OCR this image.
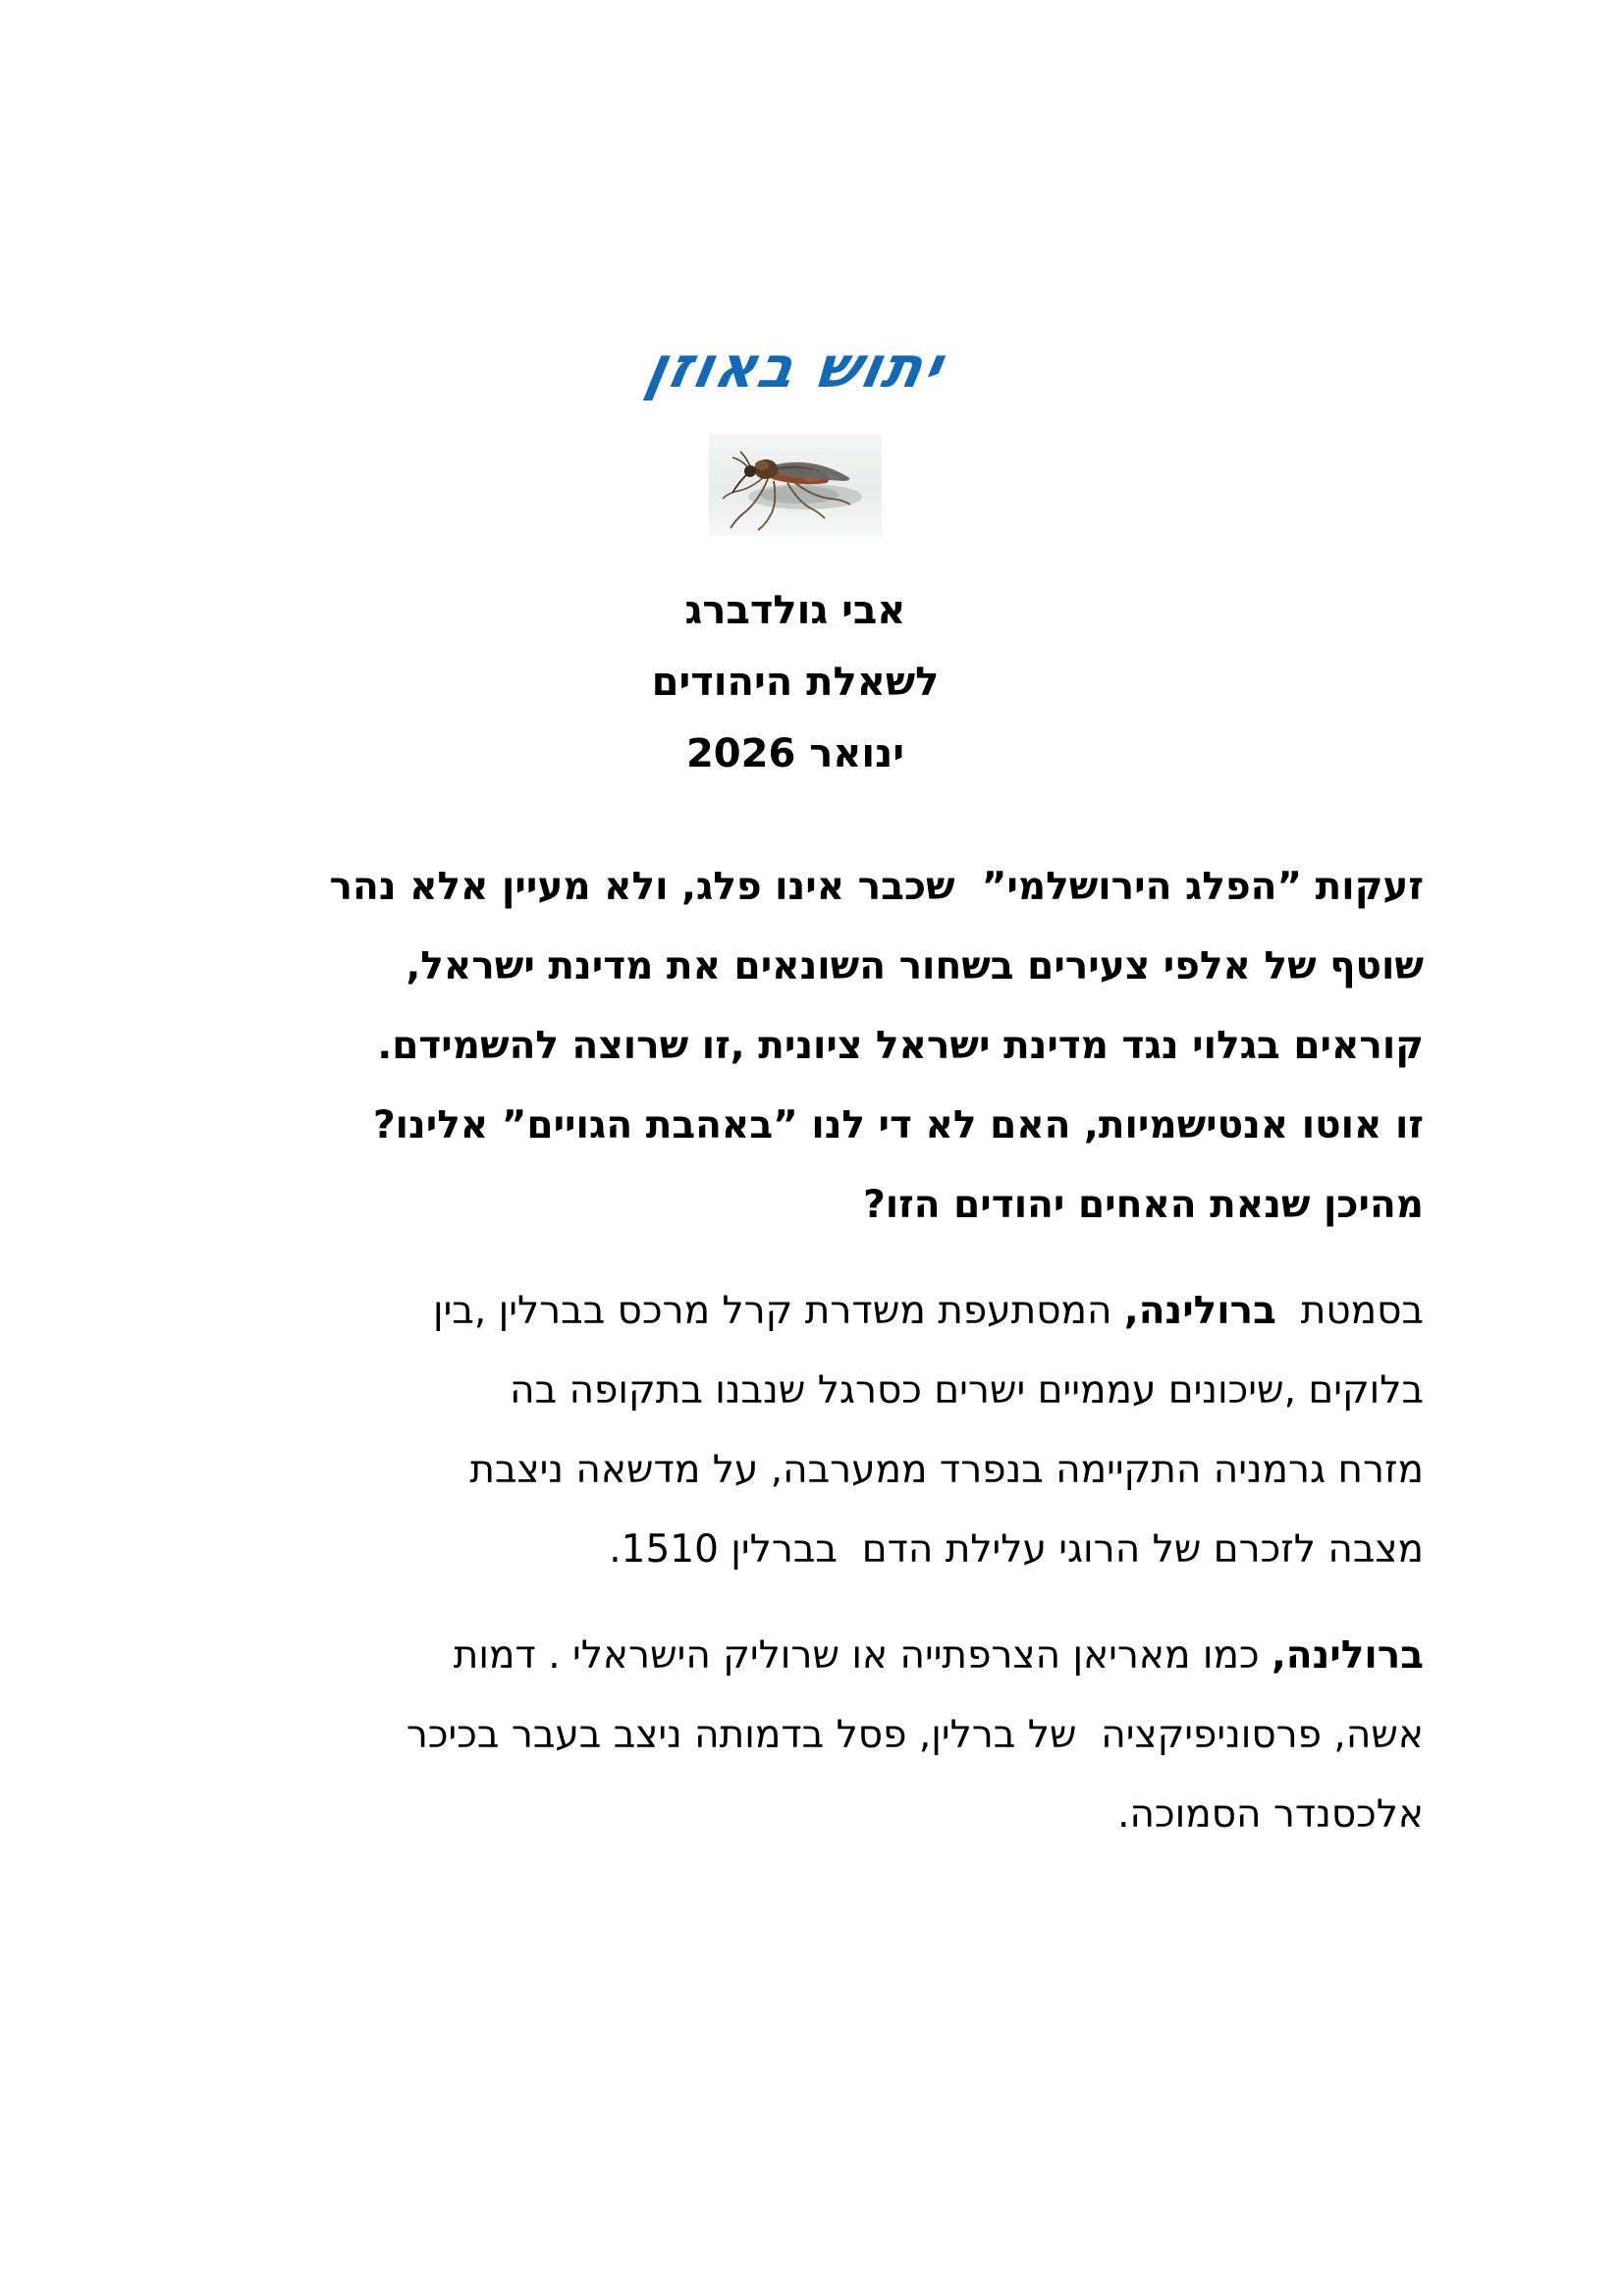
יתוש באוזן
אבי גולדברג
לשאלת היהודים
ינואר 2026
זעקות ”הפלג הירושלמי”  שכבר אינו פלג, ולא מעיין אלא נהר
שוטף של אלפי צעירים בשחור השונאים את מדינת ישראל,
קוראים בגלוי נגד מדינת ישראל ציונית ,זו שרוצה להשמידם.
זו אוטו אנטישמיות, האם לא די לנו ”באהבת הגויים” אלינו?
מהיכן שנאת האחים יהודים הזו?
בסמטת  ברולינה, המסתעפת משדרת קרל מרכס בברלין ,בין
בלוקים ,שיכונים עממיים ישרים כסרגל שנבנו בתקופה בה
מזרח גרמניה התקיימה בנפרד ממערבה, על מדשאה ניצבת
מצבה לזכרם של הרוגי עלילת הדם  בברלין 1510.
ברולינה, כמו מאריאן הצרפתייה או שרוליק הישראלי . דמות
אשה, פרסוניפיקציה  של ברלין, פסל בדמותה ניצב בעבר בכיכר
אלכסנדר הסמוכה.
